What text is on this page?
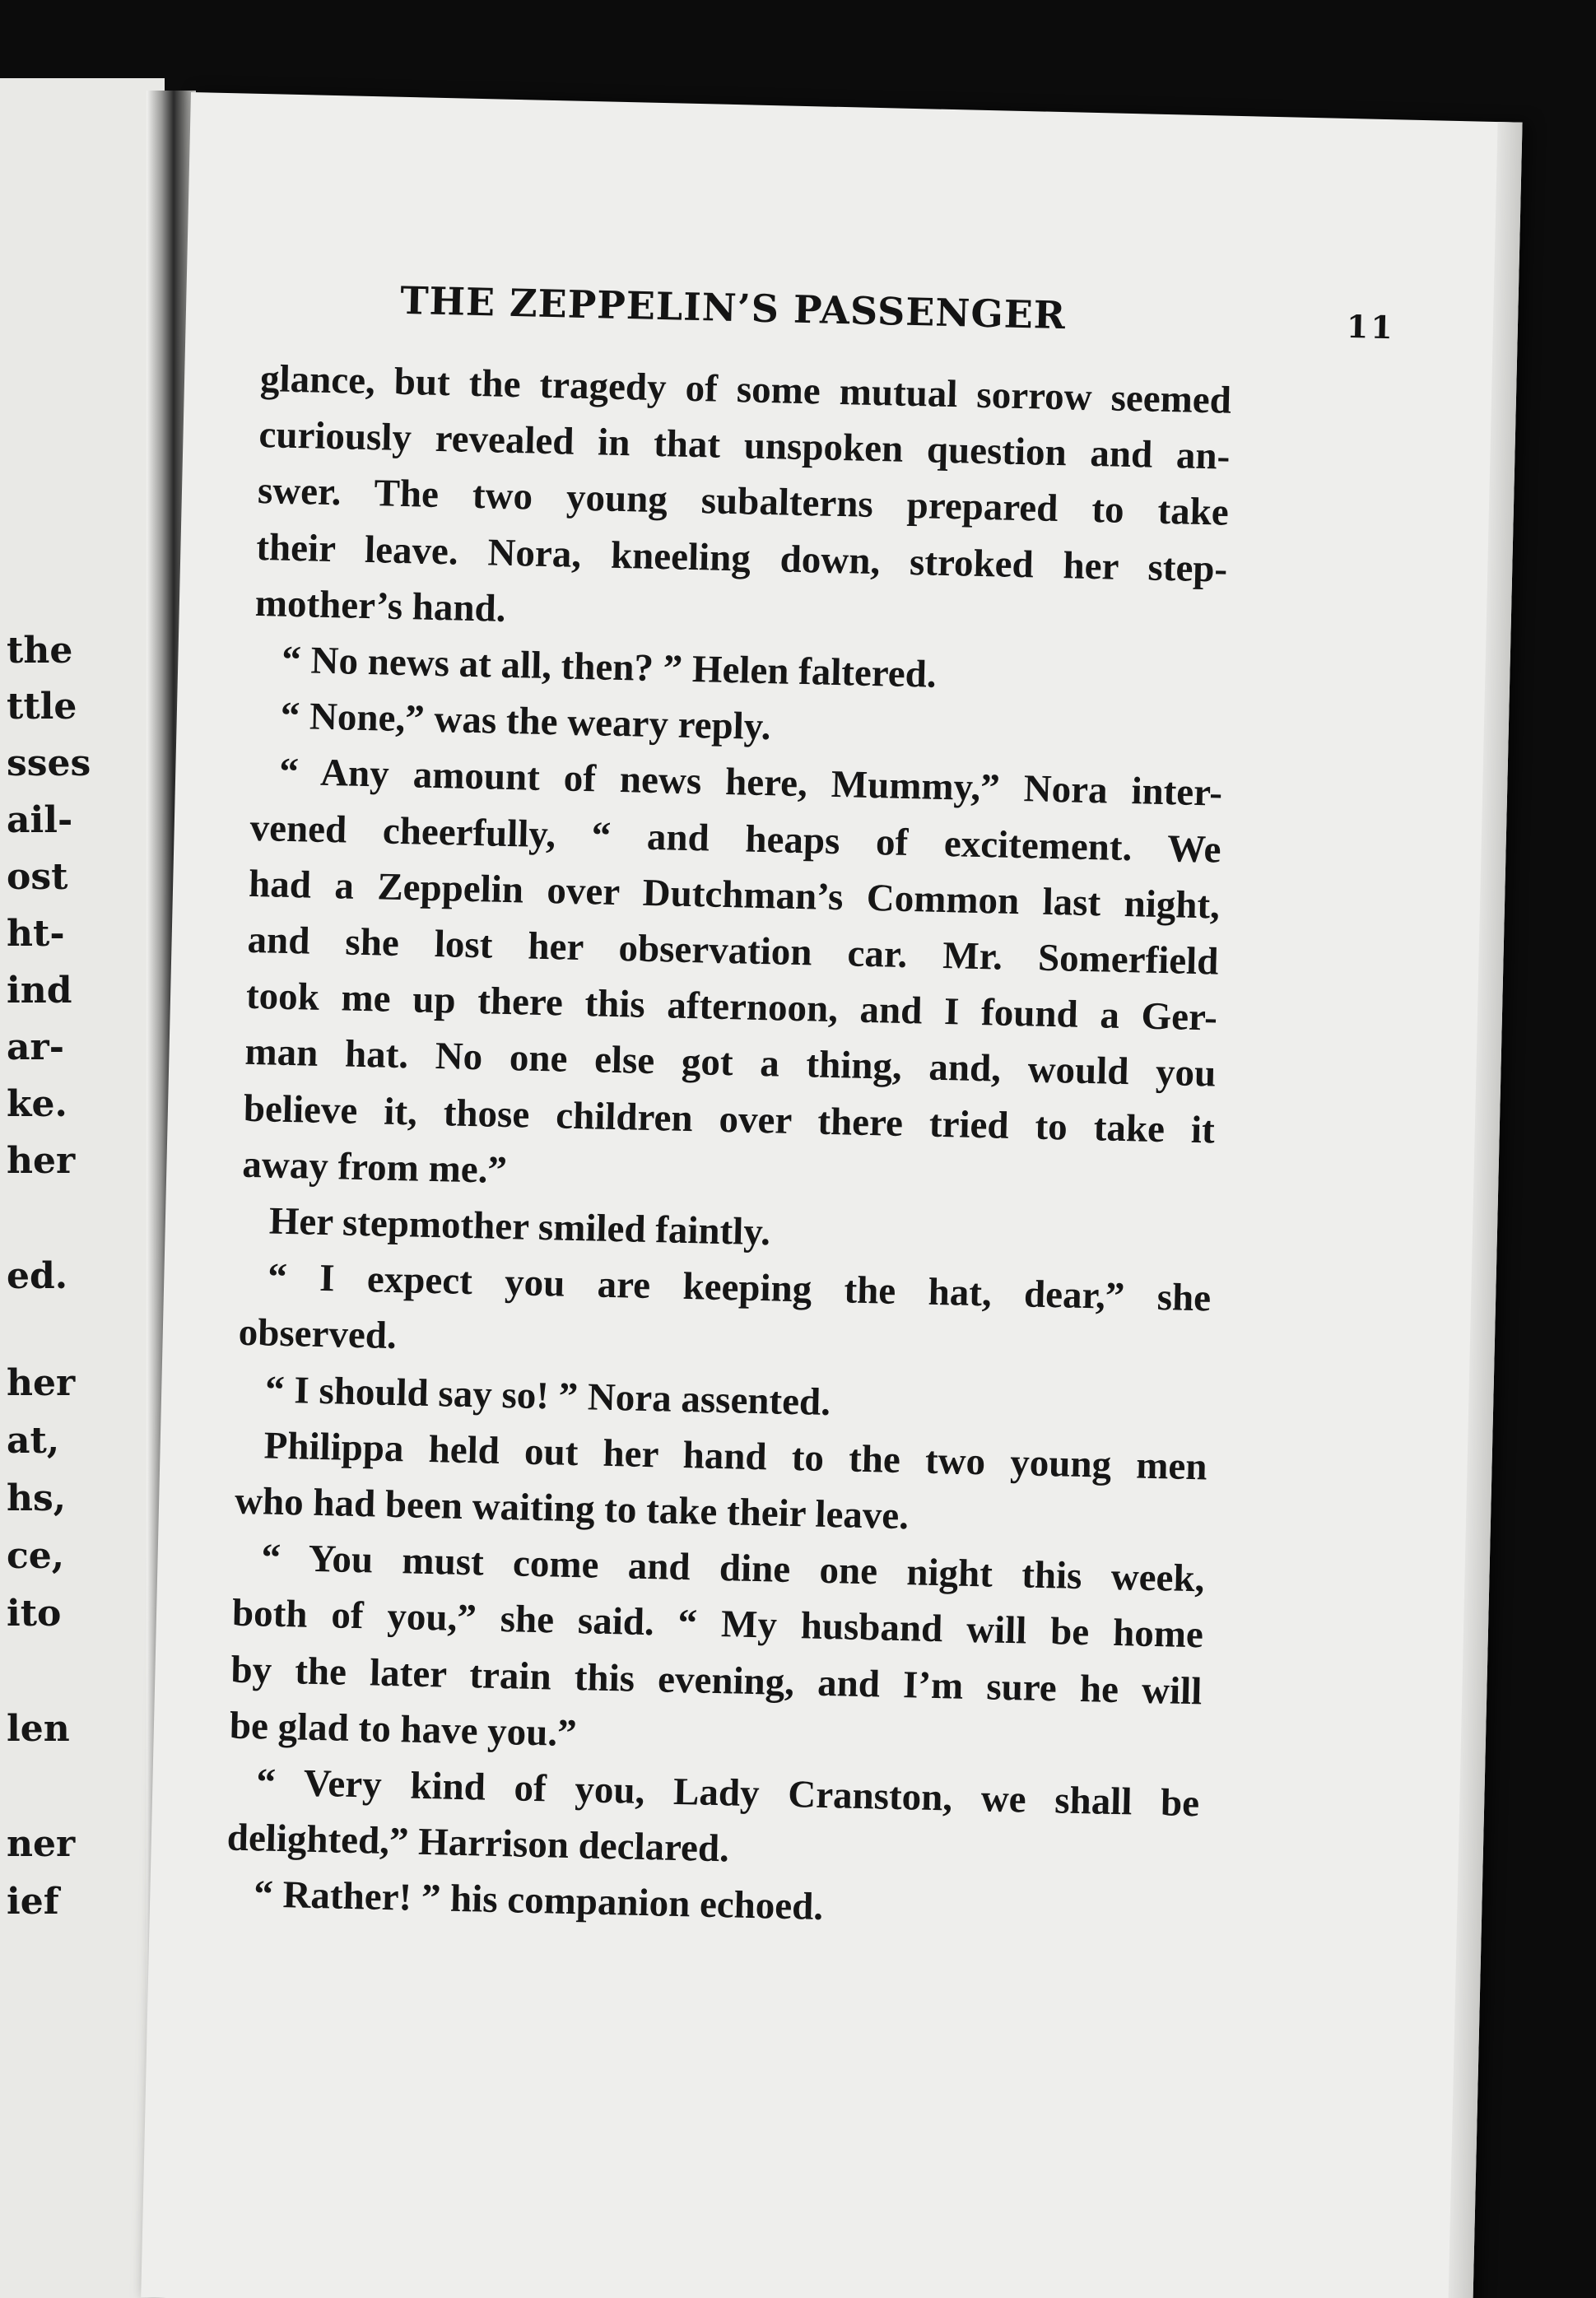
the
ttle
sses
ail-
ost
ht-
ind
ar-
ke.
her
ed.
her
at,
hs,
ce,
ito
len
ner
ief
THE ZEPPELIN’S PASSENGER	11
glance, but the tragedy of some mutual sorrow seemed
curiously revealed in that unspoken question and an-
swer. The two young subalterns prepared to take
their leave. Nora, kneeling down, stroked her step-
mother’s hand.
“ No news at all, then? ” Helen faltered.
“ None,” was the weary reply.
“ Any amount of news here, Mummy,” Nora inter-
vened cheerfully, “ and heaps of excitement. We
had a Zeppelin over Dutchman’s Common last night,
and she lost her observation car. Mr. Somerfield
took me up there this afternoon, and I found a Ger-
man hat. No one else got a thing, and, would you
believe it, those children over there tried to take it
away from me.”
Her stepmother smiled faintly.
“ I expect you are keeping the hat, dear,” she
observed.
“ I should say so! ” Nora assented.
Philippa held out her hand to the two young men
who had been waiting to take their leave.
“ You must come and dine one night this week,
both of you,” she said. “ My husband will be home
by the later train this evening, and I’m sure he will
be glad to have you.”
“ Very kind of you, Lady Cranston, we shall be
delighted,” Harrison declared.
“ Rather! ” his companion echoed.
